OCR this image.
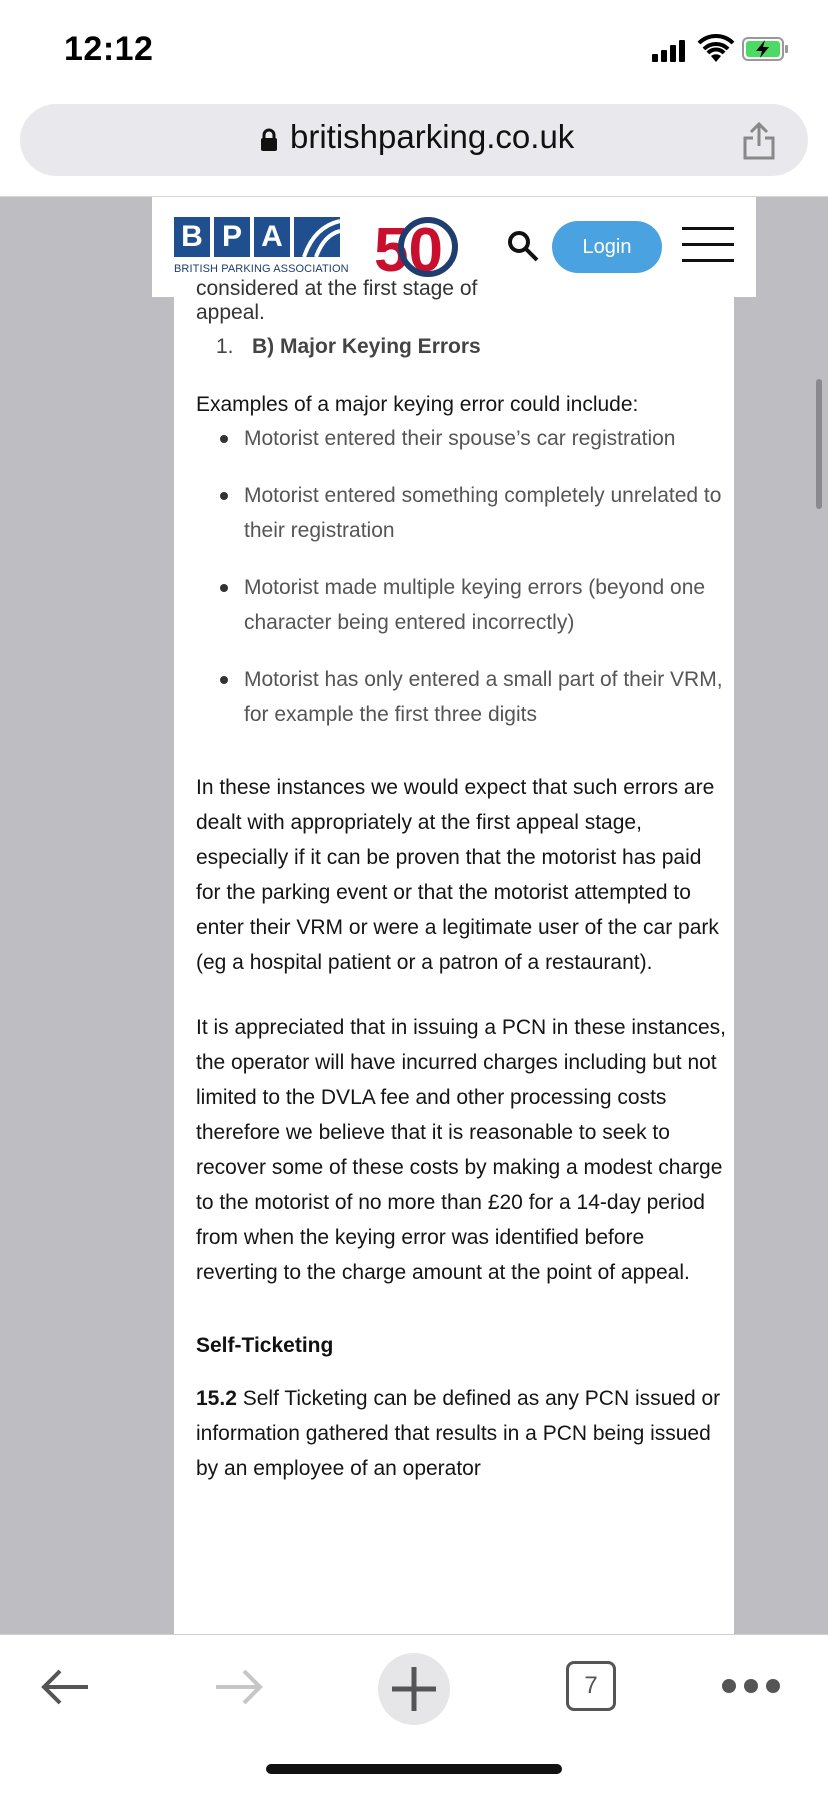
12:12
britishparking.co.uk
B P A
BRITISH PARKING ASSOCIATION 50	Login
considered at the first stage of appeal.
1. B) Major Keying Errors
Examples of a major keying error could include:
Motorist entered their spouse’s car registration
Motorist entered something completely unrelated to their registration
Motorist made multiple keying errors (beyond one character being entered incorrectly)
Motorist has only entered a small part of their VRM, for example the first three digits
In these instances we would expect that such errors are dealt with appropriately at the first appeal stage, especially if it can be proven that the motorist has paid for the parking event or that the motorist attempted to enter their VRM or were a legitimate user of the car park (eg a hospital patient or a patron of a restaurant).
It is appreciated that in issuing a PCN in these instances, the operator will have incurred charges including but not limited to the DVLA fee and other processing costs therefore we believe that it is reasonable to seek to recover some of these costs by making a modest charge to the motorist of no more than £20 for a 14-day period from when the keying error was identified before reverting to the charge amount at the point of appeal.
Self-Ticketing
15.2 Self Ticketing can be defined as any PCN issued or information gathered that results in a PCN being issued by an employee of an operator
7
